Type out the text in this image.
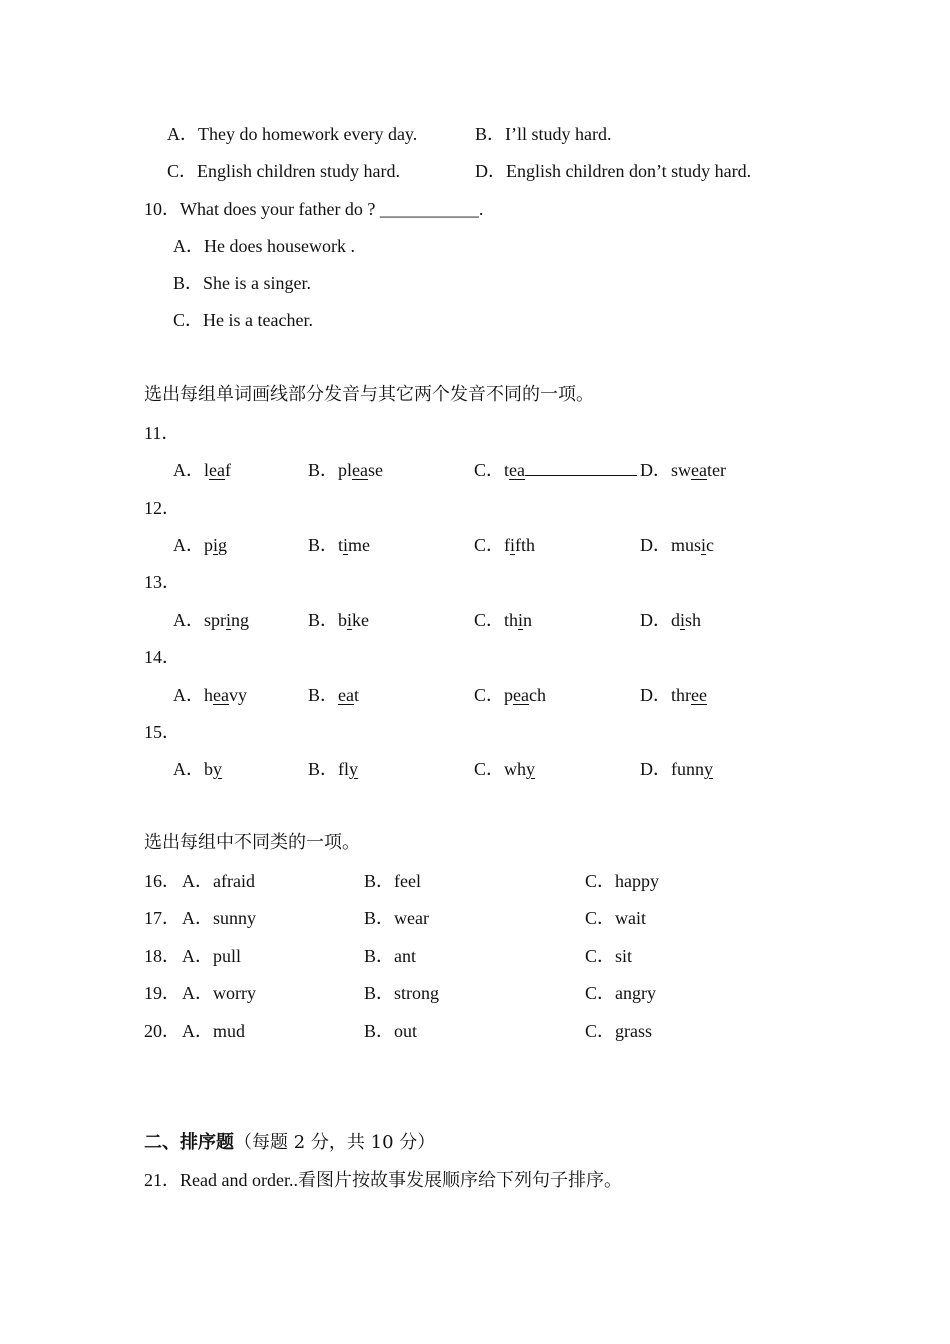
A．They do homework every day.	B．I’ll study hard.
C．English children study hard.	D．English children don’t study hard.
10．What does your father do ? ___________.
A．He does housework .
B．She is a singer.
C．He is a teacher.
选出每组单词画线部分发音与其它两个发音不同的一项。
11．
A．leaf	B．please	C．tea	D．sweater
12．
A．pig	B．time	C．fifth	D．music
13．
A．spring	B．bike	C．thin	D．dish
14．
A．heavy	B．eat	C．peach	D．three
15．
A．by	B．fly	C．why	D．funny
选出每组中不同类的一项。
16． A．afraid	B．feel	C．happy
17． A．sunny	B．wear	C．wait
18． A．pull	B．ant	C．sit
19． A．worry	B．strong	C．angry
20． A．mud	B．out	C．grass
二、排序题（每题 2 分，共 10 分）
21．Read and order..看图片按故事发展顺序给下列句子排序。
